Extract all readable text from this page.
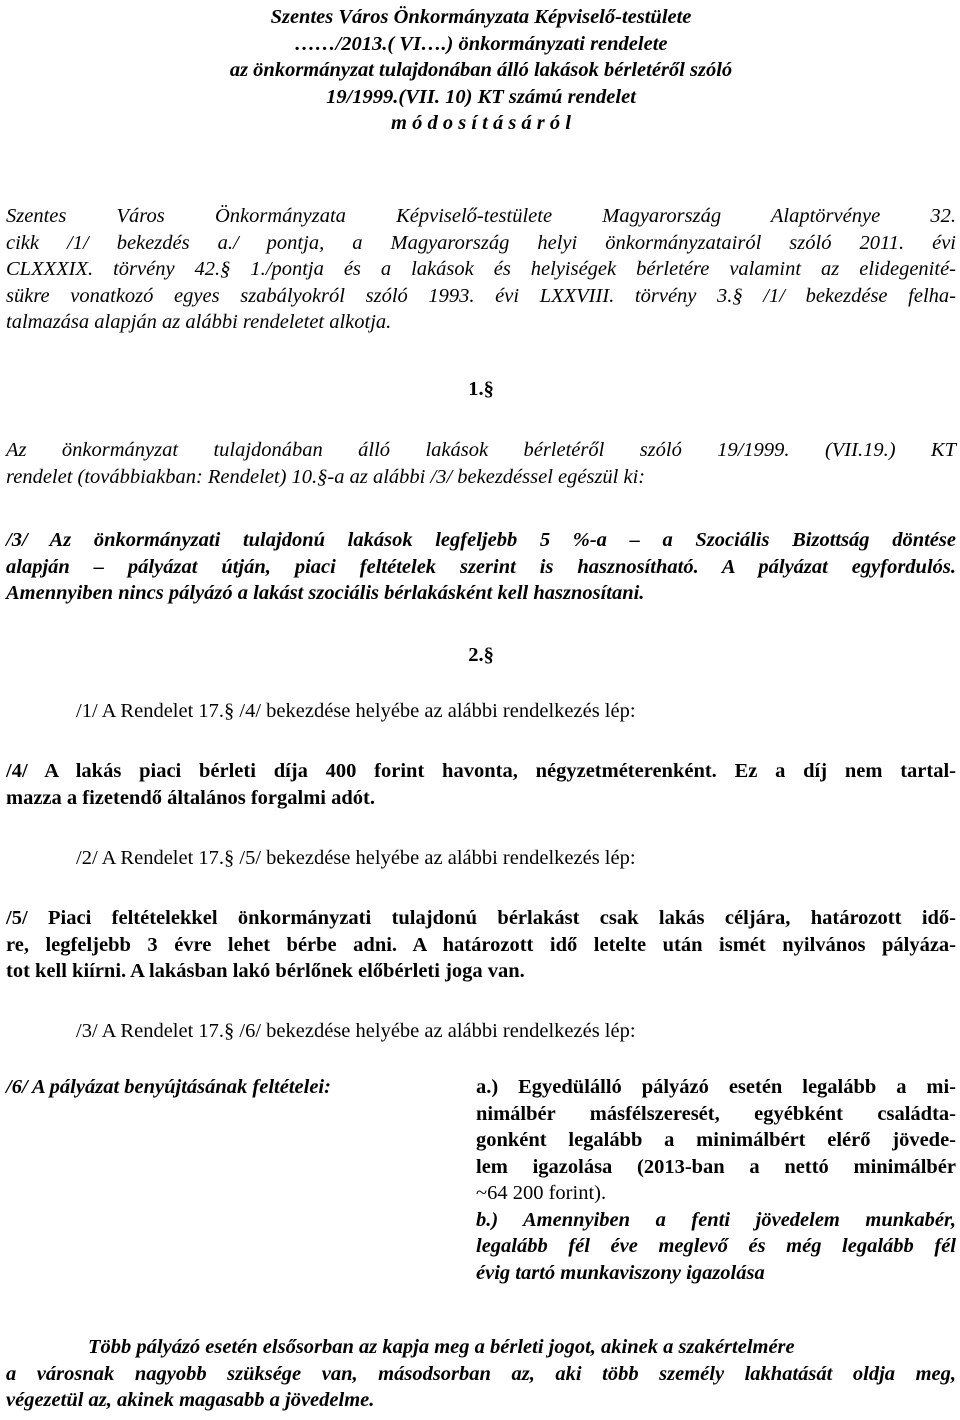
Szentes Város Önkormányzata Képviselő-testülete
……/2013.( VI….) önkormányzati rendelete
az önkormányzat tulajdonában álló lakások bérletéről szóló
19/1999.(VII. 10) KT számú rendelet
m ó d o s í t á s á r ó l
Szentes Város Önkormányzata Képviselő-testülete Magyarország Alaptörvénye 32.
cikk /1/ bekezdés a./ pontja, a Magyarország helyi önkormányzatairól szóló 2011. évi
CLXXXIX. törvény 42.§ 1./pontja és a lakások és helyiségek bérletére valamint az elidegenité-
sükre vonatkozó egyes szabályokról szóló 1993. évi LXXVIII. törvény 3.§ /1/ bekezdése felha-
talmazása alapján az alábbi rendeletet alkotja.
1.§
Az önkormányzat tulajdonában álló lakások bérletéről szóló 19/1999. (VII.19.) KT
rendelet (továbbiakban: Rendelet) 10.§-a az alábbi /3/ bekezdéssel egészül ki:
/3/ Az önkormányzati tulajdonú lakások legfeljebb 5 %-a – a Szociális Bizottság döntése
alapján – pályázat útján, piaci feltételek szerint is hasznosítható. A pályázat egyfordulós.
Amennyiben nincs pályázó a lakást szociális bérlakásként kell hasznosítani.
2.§
/1/ A Rendelet 17.§ /4/ bekezdése helyébe az alábbi rendelkezés lép:
/4/ A lakás piaci bérleti díja 400 forint havonta, négyzetméterenként. Ez a díj nem tartal-
mazza a fizetendő általános forgalmi adót.
/2/ A Rendelet 17.§ /5/ bekezdése helyébe az alábbi rendelkezés lép:
/5/ Piaci feltételekkel önkormányzati tulajdonú bérlakást csak lakás céljára, határozott idő-
re, legfeljebb 3 évre lehet bérbe adni. A határozott idő letelte után ismét nyilvános pályáza-
tot kell kiírni. A lakásban lakó bérlőnek előbérleti joga van.
/3/ A Rendelet 17.§ /6/ bekezdése helyébe az alábbi rendelkezés lép:
/6/ A pályázat benyújtásának feltételei:	a.) Egyedülálló pályázó esetén legalább a mi-
nimálbér másfélszeresét, egyébként családta-
gonként legalább a minimálbért elérő jövede-
lem igazolása (2013-ban a nettó minimálbér
~64 200 forint).
b.) Amennyiben a fenti jövedelem munkabér,
legalább fél éve meglevő és még legalább fél
évig tartó munkaviszony igazolása
Több pályázó esetén elsősorban az kapja meg a bérleti jogot, akinek a szakértelmére
a városnak nagyobb szüksége van, másodsorban az, aki több személy lakhatását oldja meg,
végezetül az, akinek magasabb a jövedelme.
